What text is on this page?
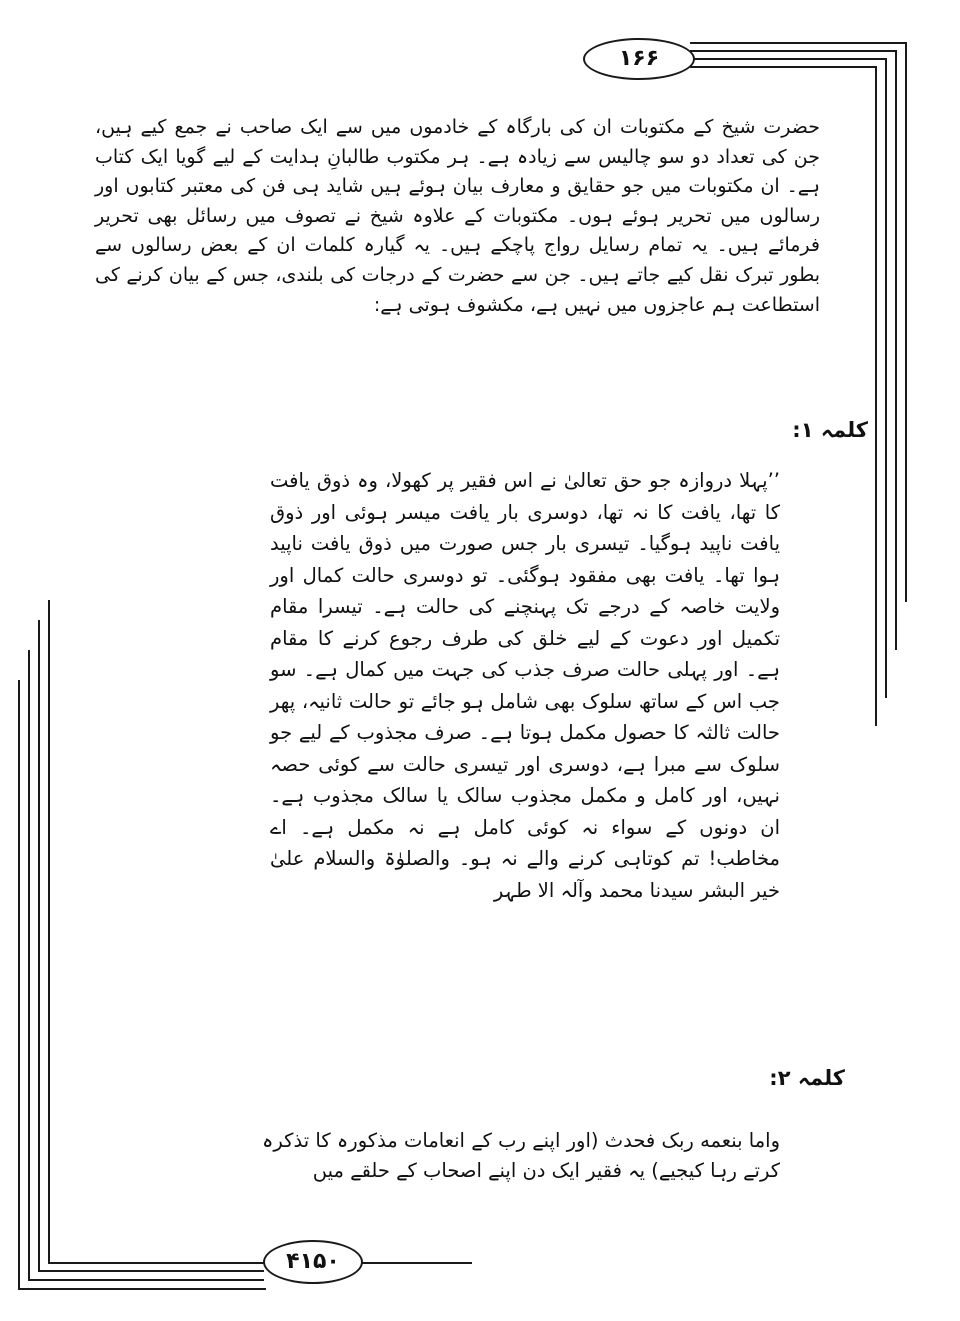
۱۶۶
۴۱۵۰

حضرت شیخ کے مکتوبات ان کی بارگاہ کے خادموں میں سے ایک صاحب نے جمع کیے ہیں، جن کی تعداد دو سو چالیس سے زیادہ ہے۔ ہر مکتوب طالبانِ ہدایت کے لیے گویا ایک کتاب ہے۔ ان مکتوبات میں جو حقایق و معارف بیان ہوئے ہیں شاید ہی فن کی معتبر کتابوں اور رسالوں میں تحریر ہوئے ہوں۔ مکتوبات کے علاوہ شیخ نے تصوف میں رسائل بھی تحریر فرمائے ہیں۔ یہ تمام رسایل رواج پاچکے ہیں۔ یہ گیارہ کلمات ان کے بعض رسالوں سے بطور تبرک نقل کیے جاتے ہیں۔ جن سے حضرت کے درجات کی بلندی، جس کے بیان کرنے کی استطاعت ہم عاجزوں میں نہیں ہے، مکشوف ہوتی ہے:

کلمہ ۱:

’’پہلا دروازہ جو حق تعالیٰ نے اس فقیر پر کھولا، وہ ذوق یافت کا تھا، یافت کا نہ تھا، دوسری بار یافت میسر ہوئی اور ذوق یافت ناپید ہوگیا۔ تیسری بار جس صورت میں ذوق یافت ناپید ہوا تھا۔ یافت بھی مفقود ہوگئی۔ تو دوسری حالت کمال اور ولایت خاصہ کے درجے تک پہنچنے کی حالت ہے۔ تیسرا مقام تکمیل اور دعوت کے لیے خلق کی طرف رجوع کرنے کا مقام ہے۔ اور پہلی حالت صرف جذب کی جہت میں کمال ہے۔ سو جب اس کے ساتھ سلوک بھی شامل ہو جائے تو حالت ثانیہ، پھر حالت ثالثہ کا حصول مکمل ہوتا ہے۔ صرف مجذوب کے لیے جو سلوک سے مبرا ہے، دوسری اور تیسری حالت سے کوئی حصہ نہیں، اور کامل و مکمل مجذوب سالک یا سالک مجذوب ہے۔ ان دونوں کے سواء نہ کوئی کامل ہے نہ مکمل ہے۔ اے مخاطب! تم کوتاہی کرنے والے نہ ہو۔ والصلوٰۃ والسلام علیٰ خیر البشر سیدنا محمد وآلہ الا طہر

کلمہ ۲:

واما بنعمه ربک فحدث (اور اپنے رب کے انعامات مذکورہ کا تذکرہ کرتے رہا کیجیے) یہ فقیر ایک دن اپنے اصحاب کے حلقے میں
